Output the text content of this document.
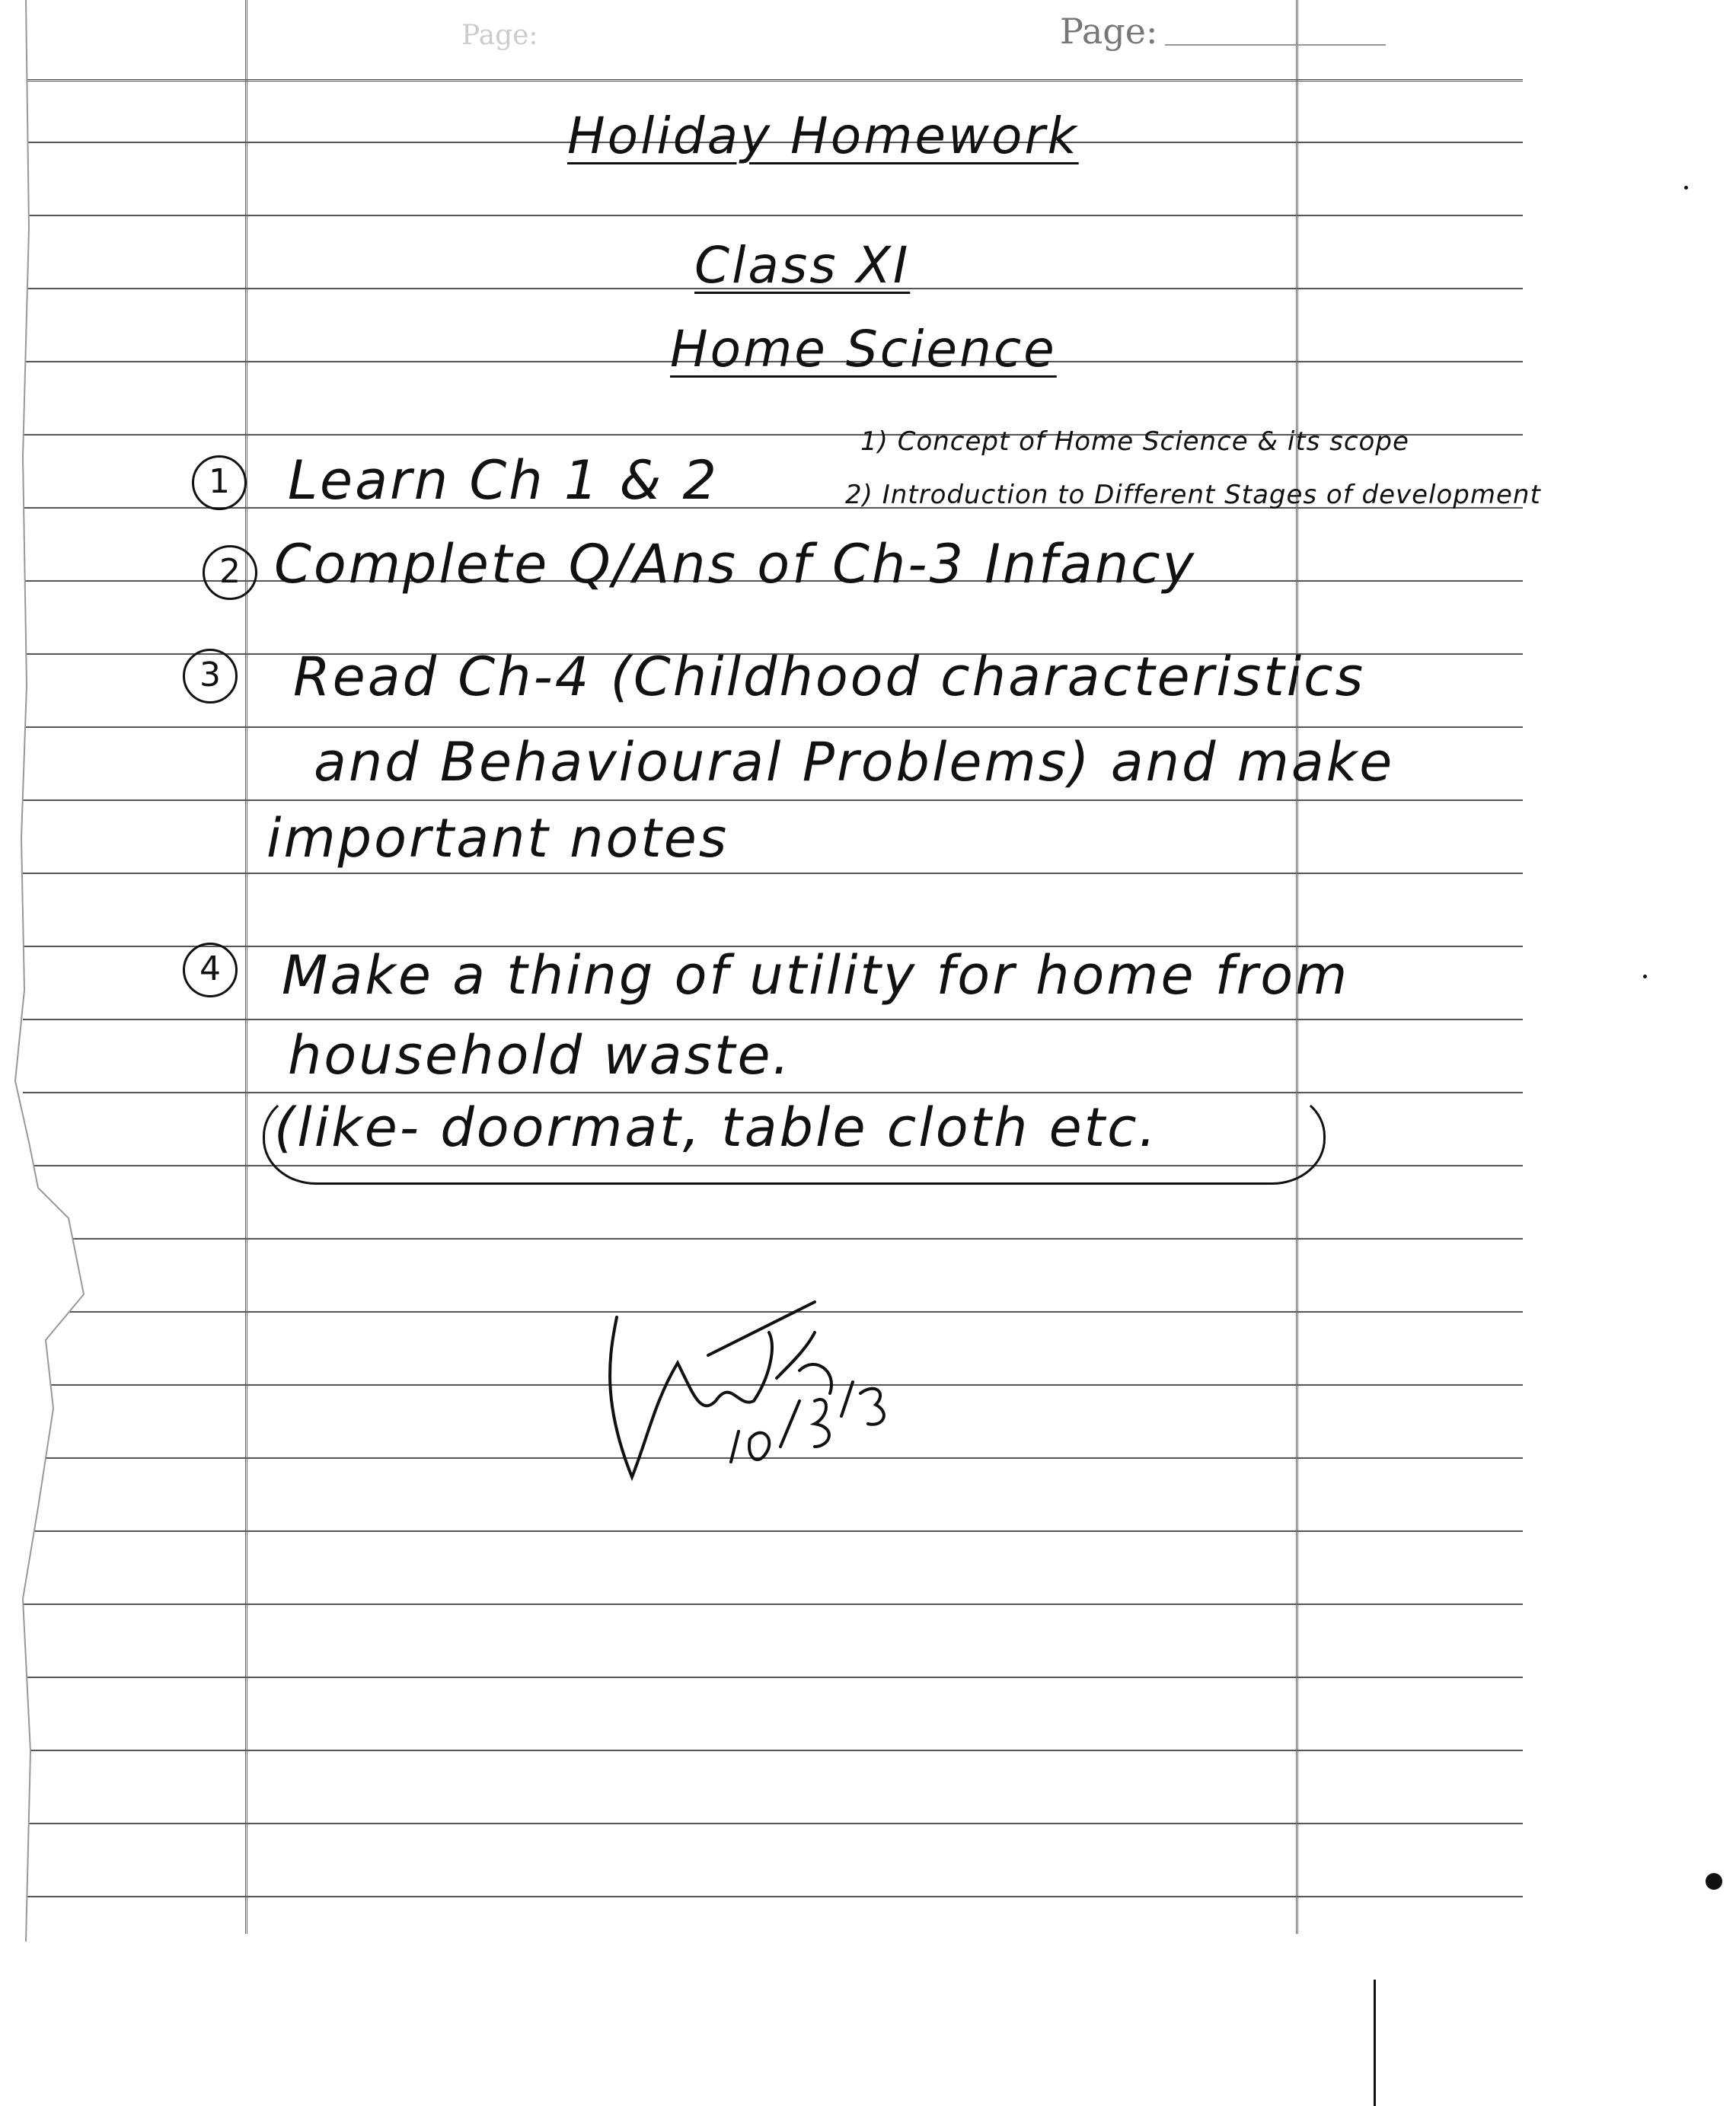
Page:	Page:
Holiday Homework
Class XI
Home Science
1	Learn Ch 1 & 2
1) Concept of Home Science & its scope
2) Introduction to Different Stages of development
2 Complete Q/Ans of Ch-3 Infancy
3	Read Ch-4 (Childhood characteristics
and Behavioural Problems) and make
important notes
4	Make a thing of utility for home from
household waste.
(like- doormat, table cloth etc.
